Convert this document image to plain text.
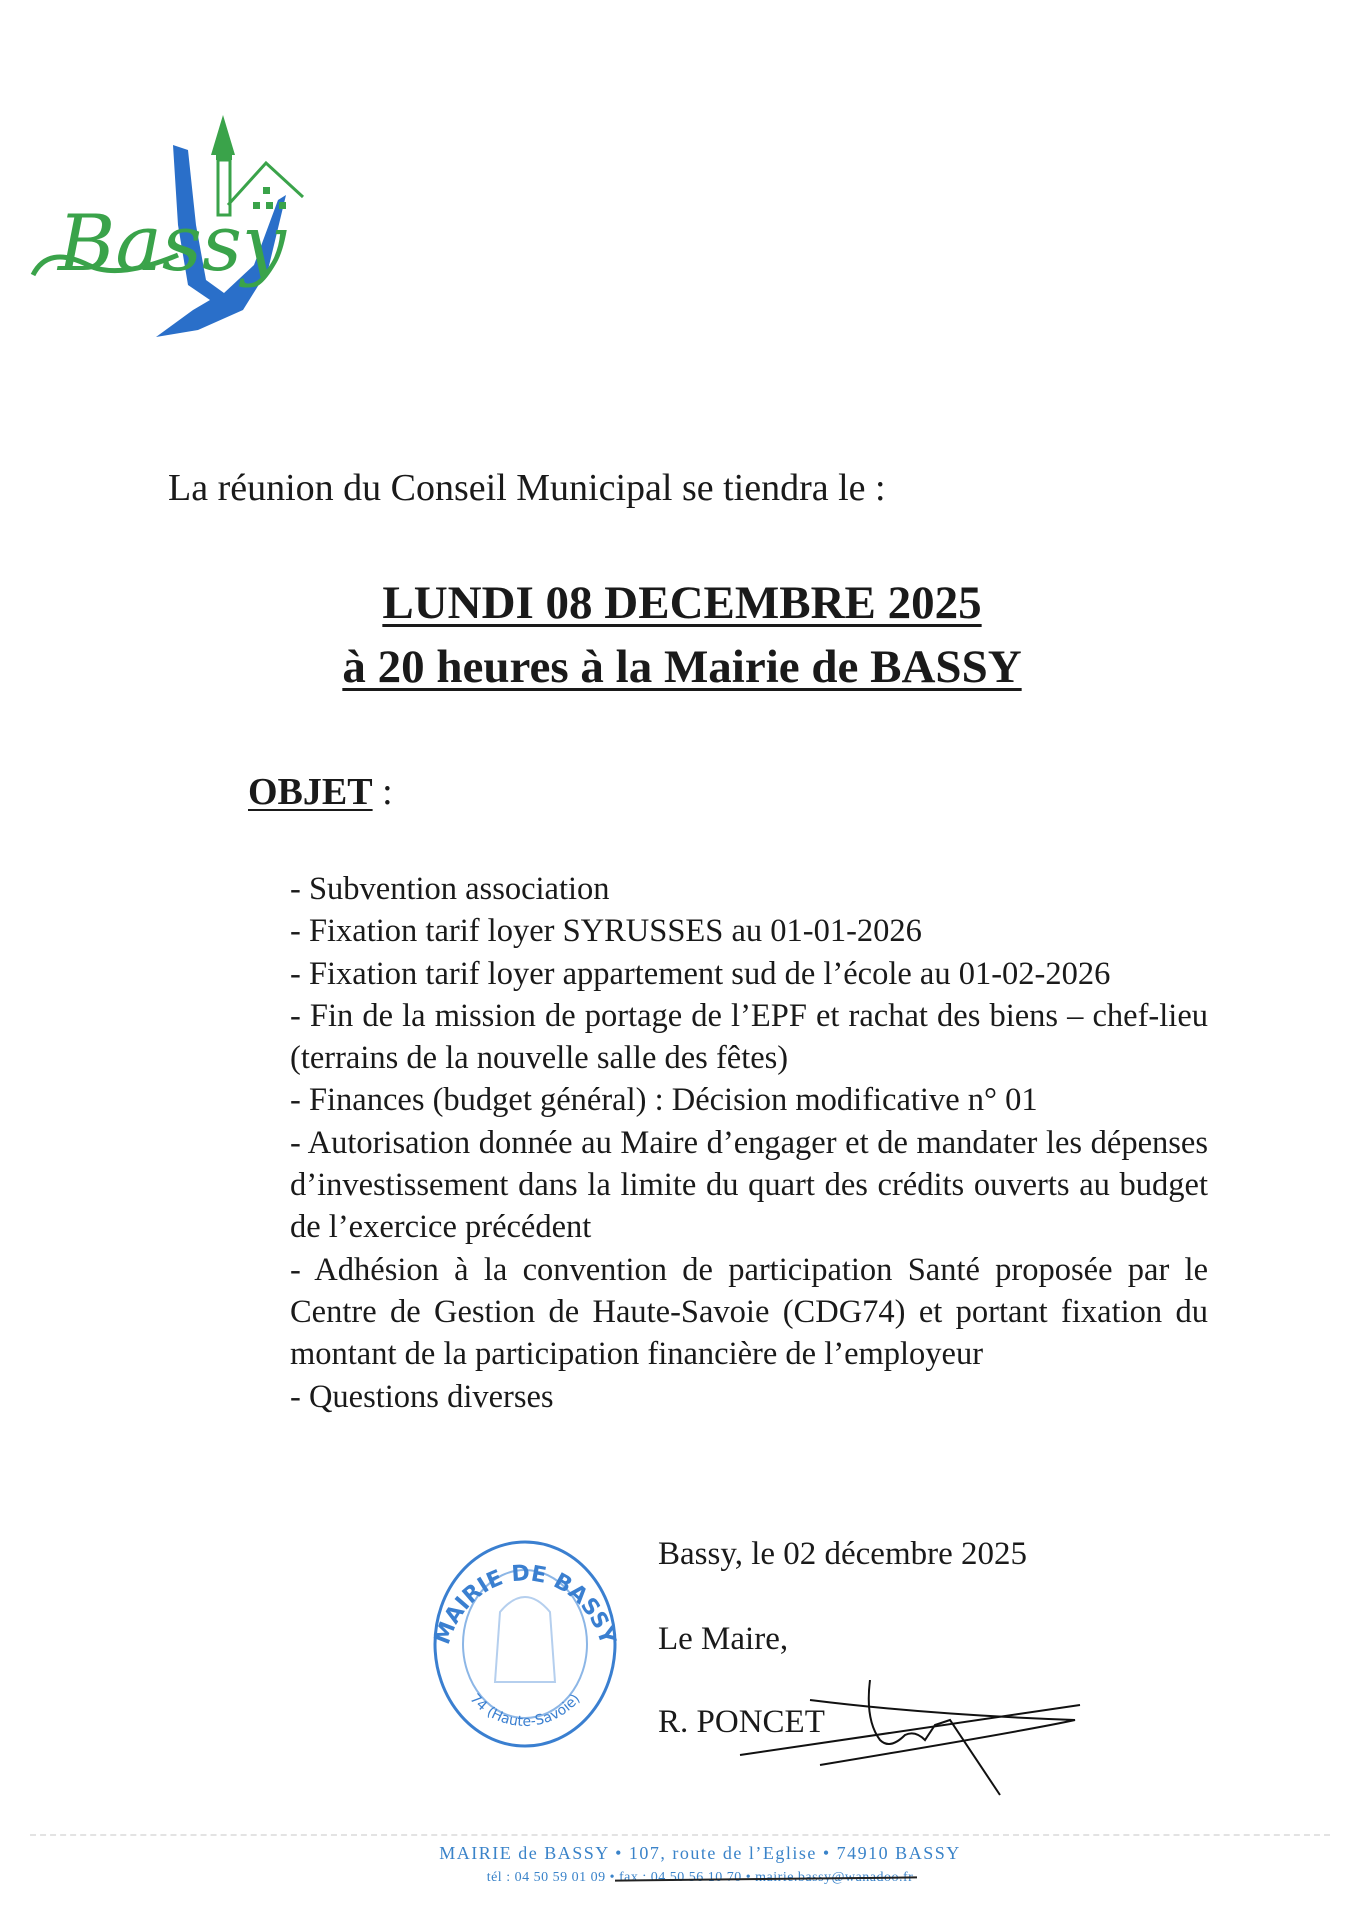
Bassy
La réunion du Conseil Municipal se tiendra le :
LUNDI 08 DECEMBRE 2025
à 20 heures à la Mairie de BASSY
OBJET :
- Subvention association
- Fixation tarif loyer SYRUSSES au 01-01-2026
- Fixation tarif loyer appartement sud de l’école au 01-02-2026
- Fin de la mission de portage de l’EPF et rachat des biens – chef-lieu (terrains de la nouvelle salle des fêtes)
- Finances (budget général) : Décision modificative n° 01
- Autorisation donnée au Maire d’engager et de mandater les dépenses d’investissement dans la limite du quart des crédits ouverts au budget de l’exercice précédent
- Adhésion à la convention de participation Santé proposée par le Centre de Gestion de Haute-Savoie (CDG74) et portant fixation du montant de la participation financière de l’employeur
- Questions diverses
MAIRIE DE BASSY
74 (Haute-Savoie)
Bassy, le 02 décembre 2025
Le Maire,
R. PONCET
MAIRIE de BASSY • 107, route de l’Eglise • 74910 BASSY
tél : 04 50 59 01 09 • fax : 04 50 56 10 70 • mairie.bassy@wanadoo.fr
